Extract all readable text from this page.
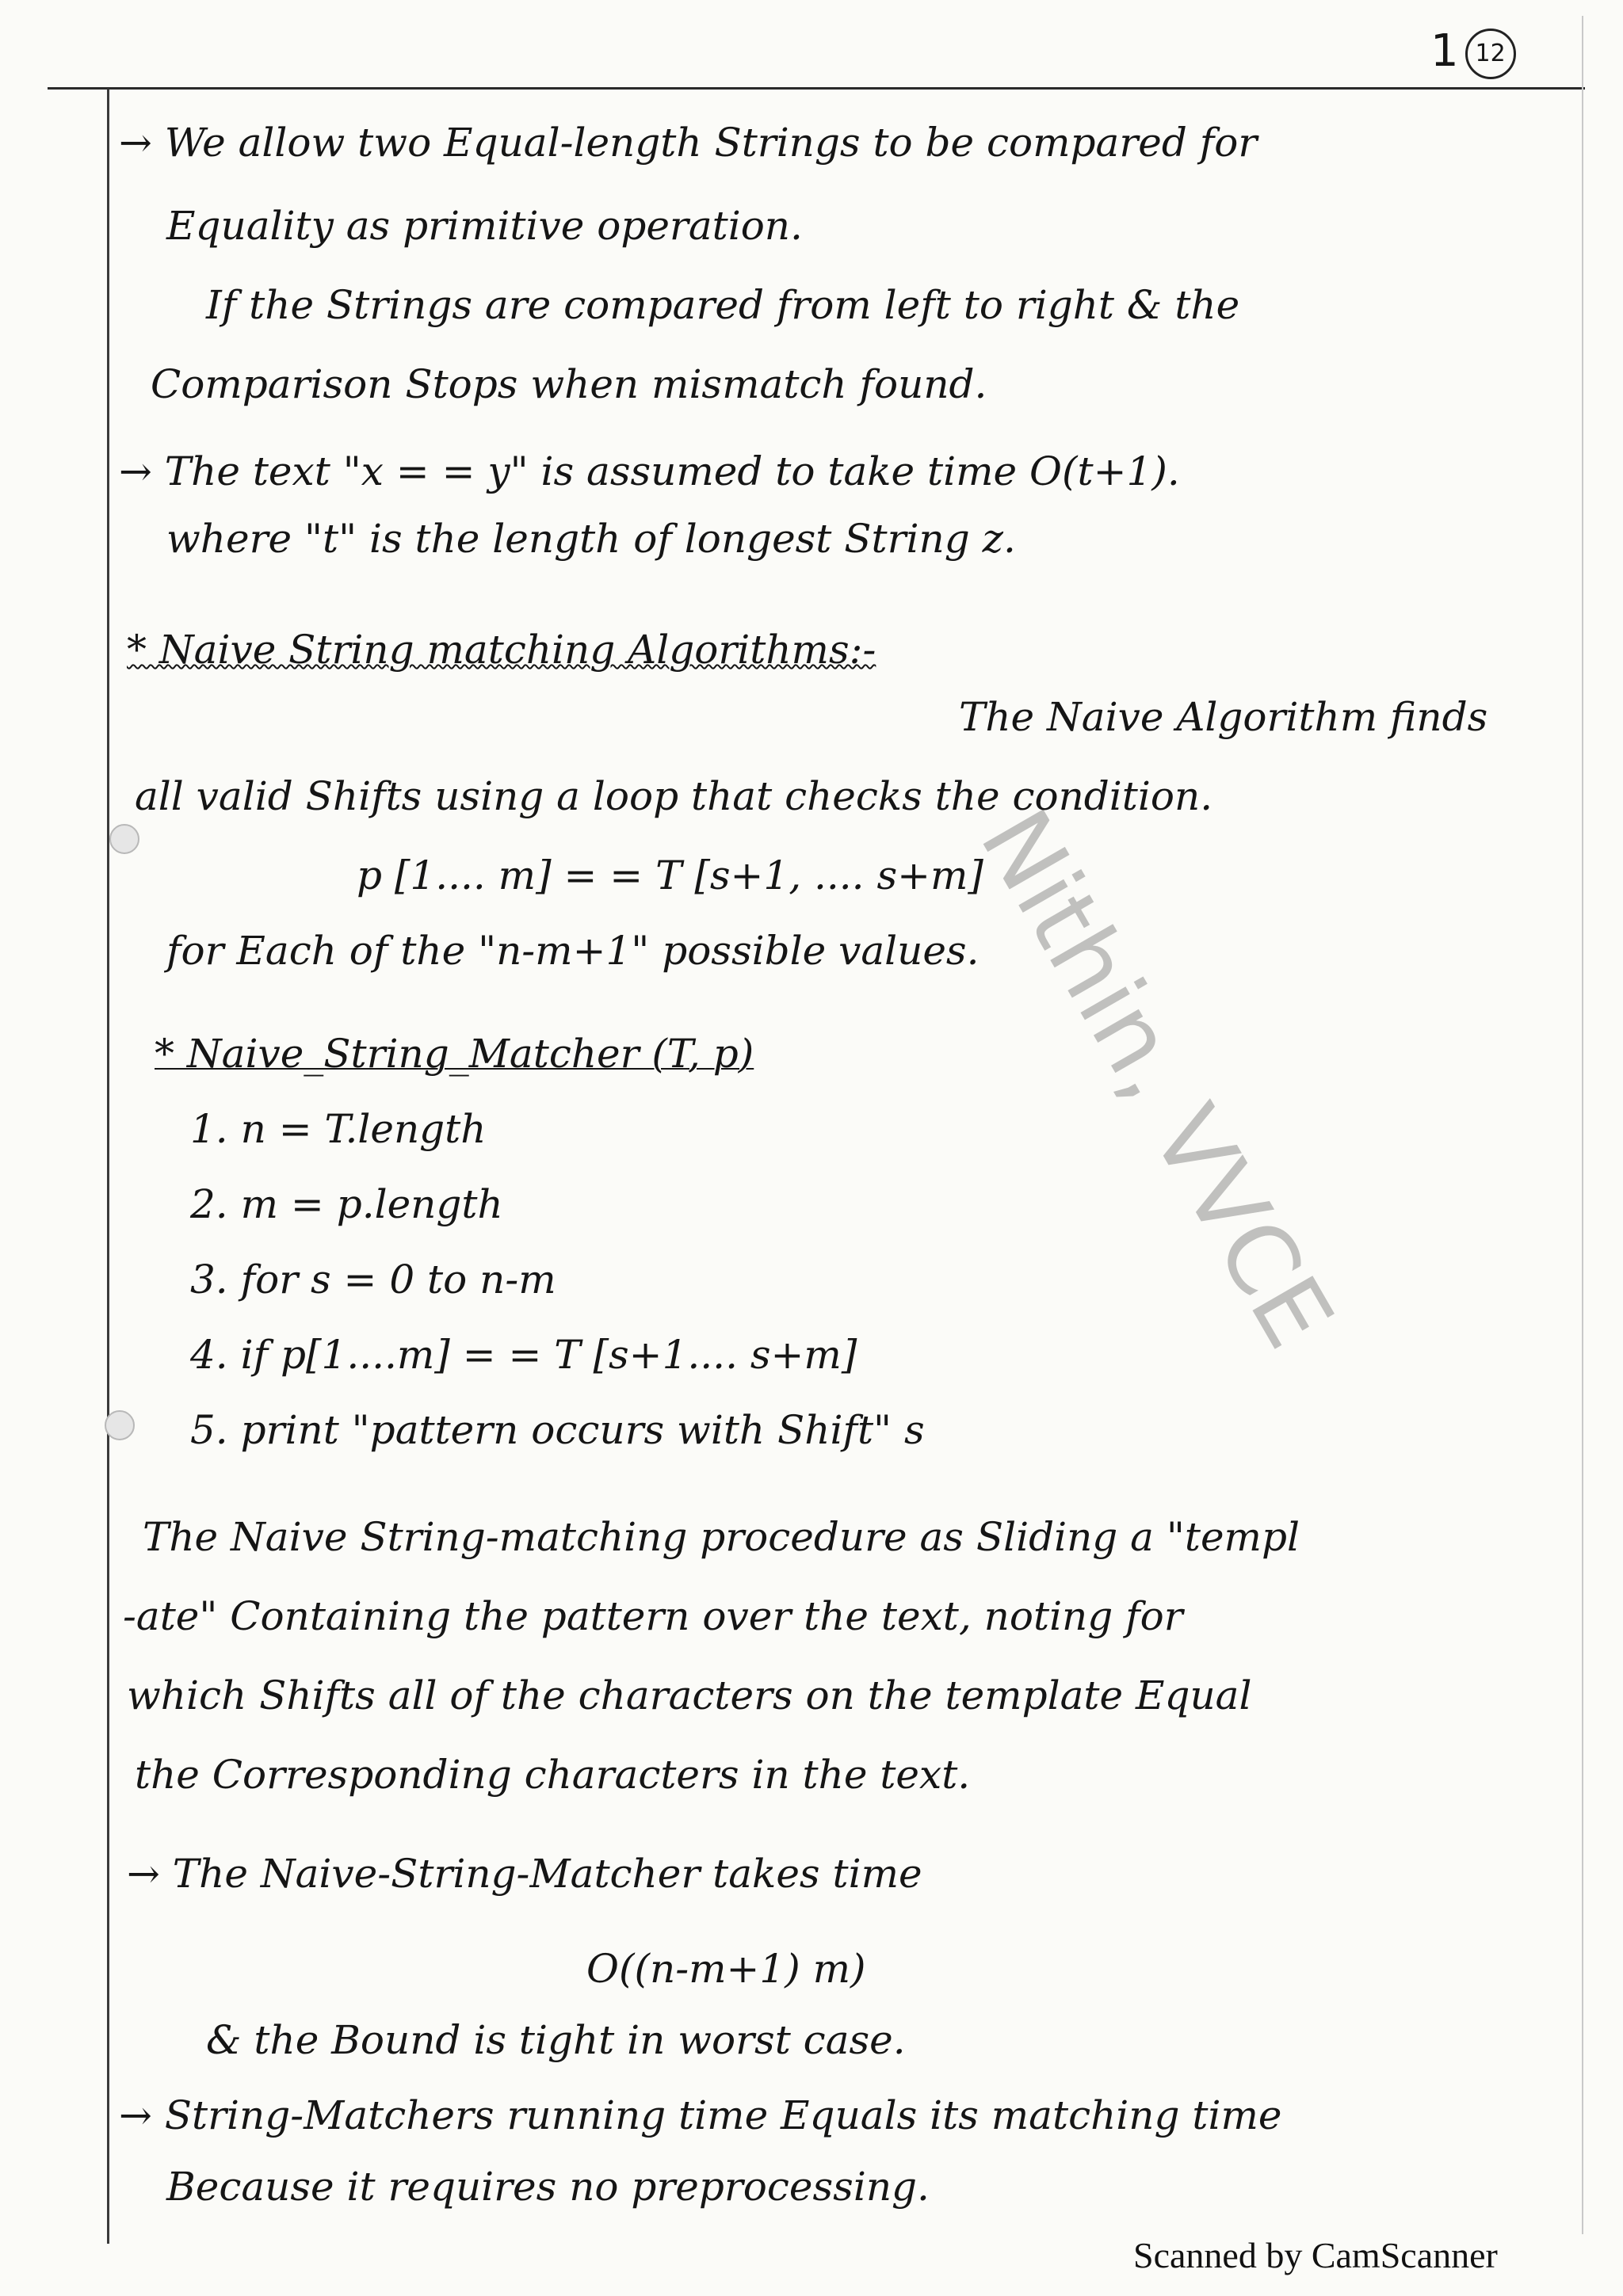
1 12
Nithin, VVCE
→ We allow two Equal-length Strings to be compared for
Equality as primitive operation.
If the Strings are compared from left to right & the
Comparison Stops when mismatch found.
→ The text "x = = y" is assumed to take time O(t+1).
where "t" is the length of longest String z.
* Naive String matching Algorithms:-
The Naive Algorithm finds
all valid Shifts using a loop that checks the condition.
p [1.... m] = = T [s+1, .... s+m]
for Each of the "n-m+1" possible values.
* Naive_String_Matcher (T, p)
1. n = T.length
2. m = p.length
3. for s = 0 to n-m
4. if p[1....m] = = T [s+1.... s+m]
5. print "pattern occurs with Shift" s
The Naive String-matching procedure as Sliding a "templ
-ate" Containing the pattern over the text, noting for
which Shifts all of the characters on the template Equal
the Corresponding characters in the text.
→ The Naive-String-Matcher takes time
O((n-m+1) m)
& the Bound is tight in worst case.
→ String-Matchers running time Equals its matching time
Because it requires no preprocessing.
Scanned by CamScanner
